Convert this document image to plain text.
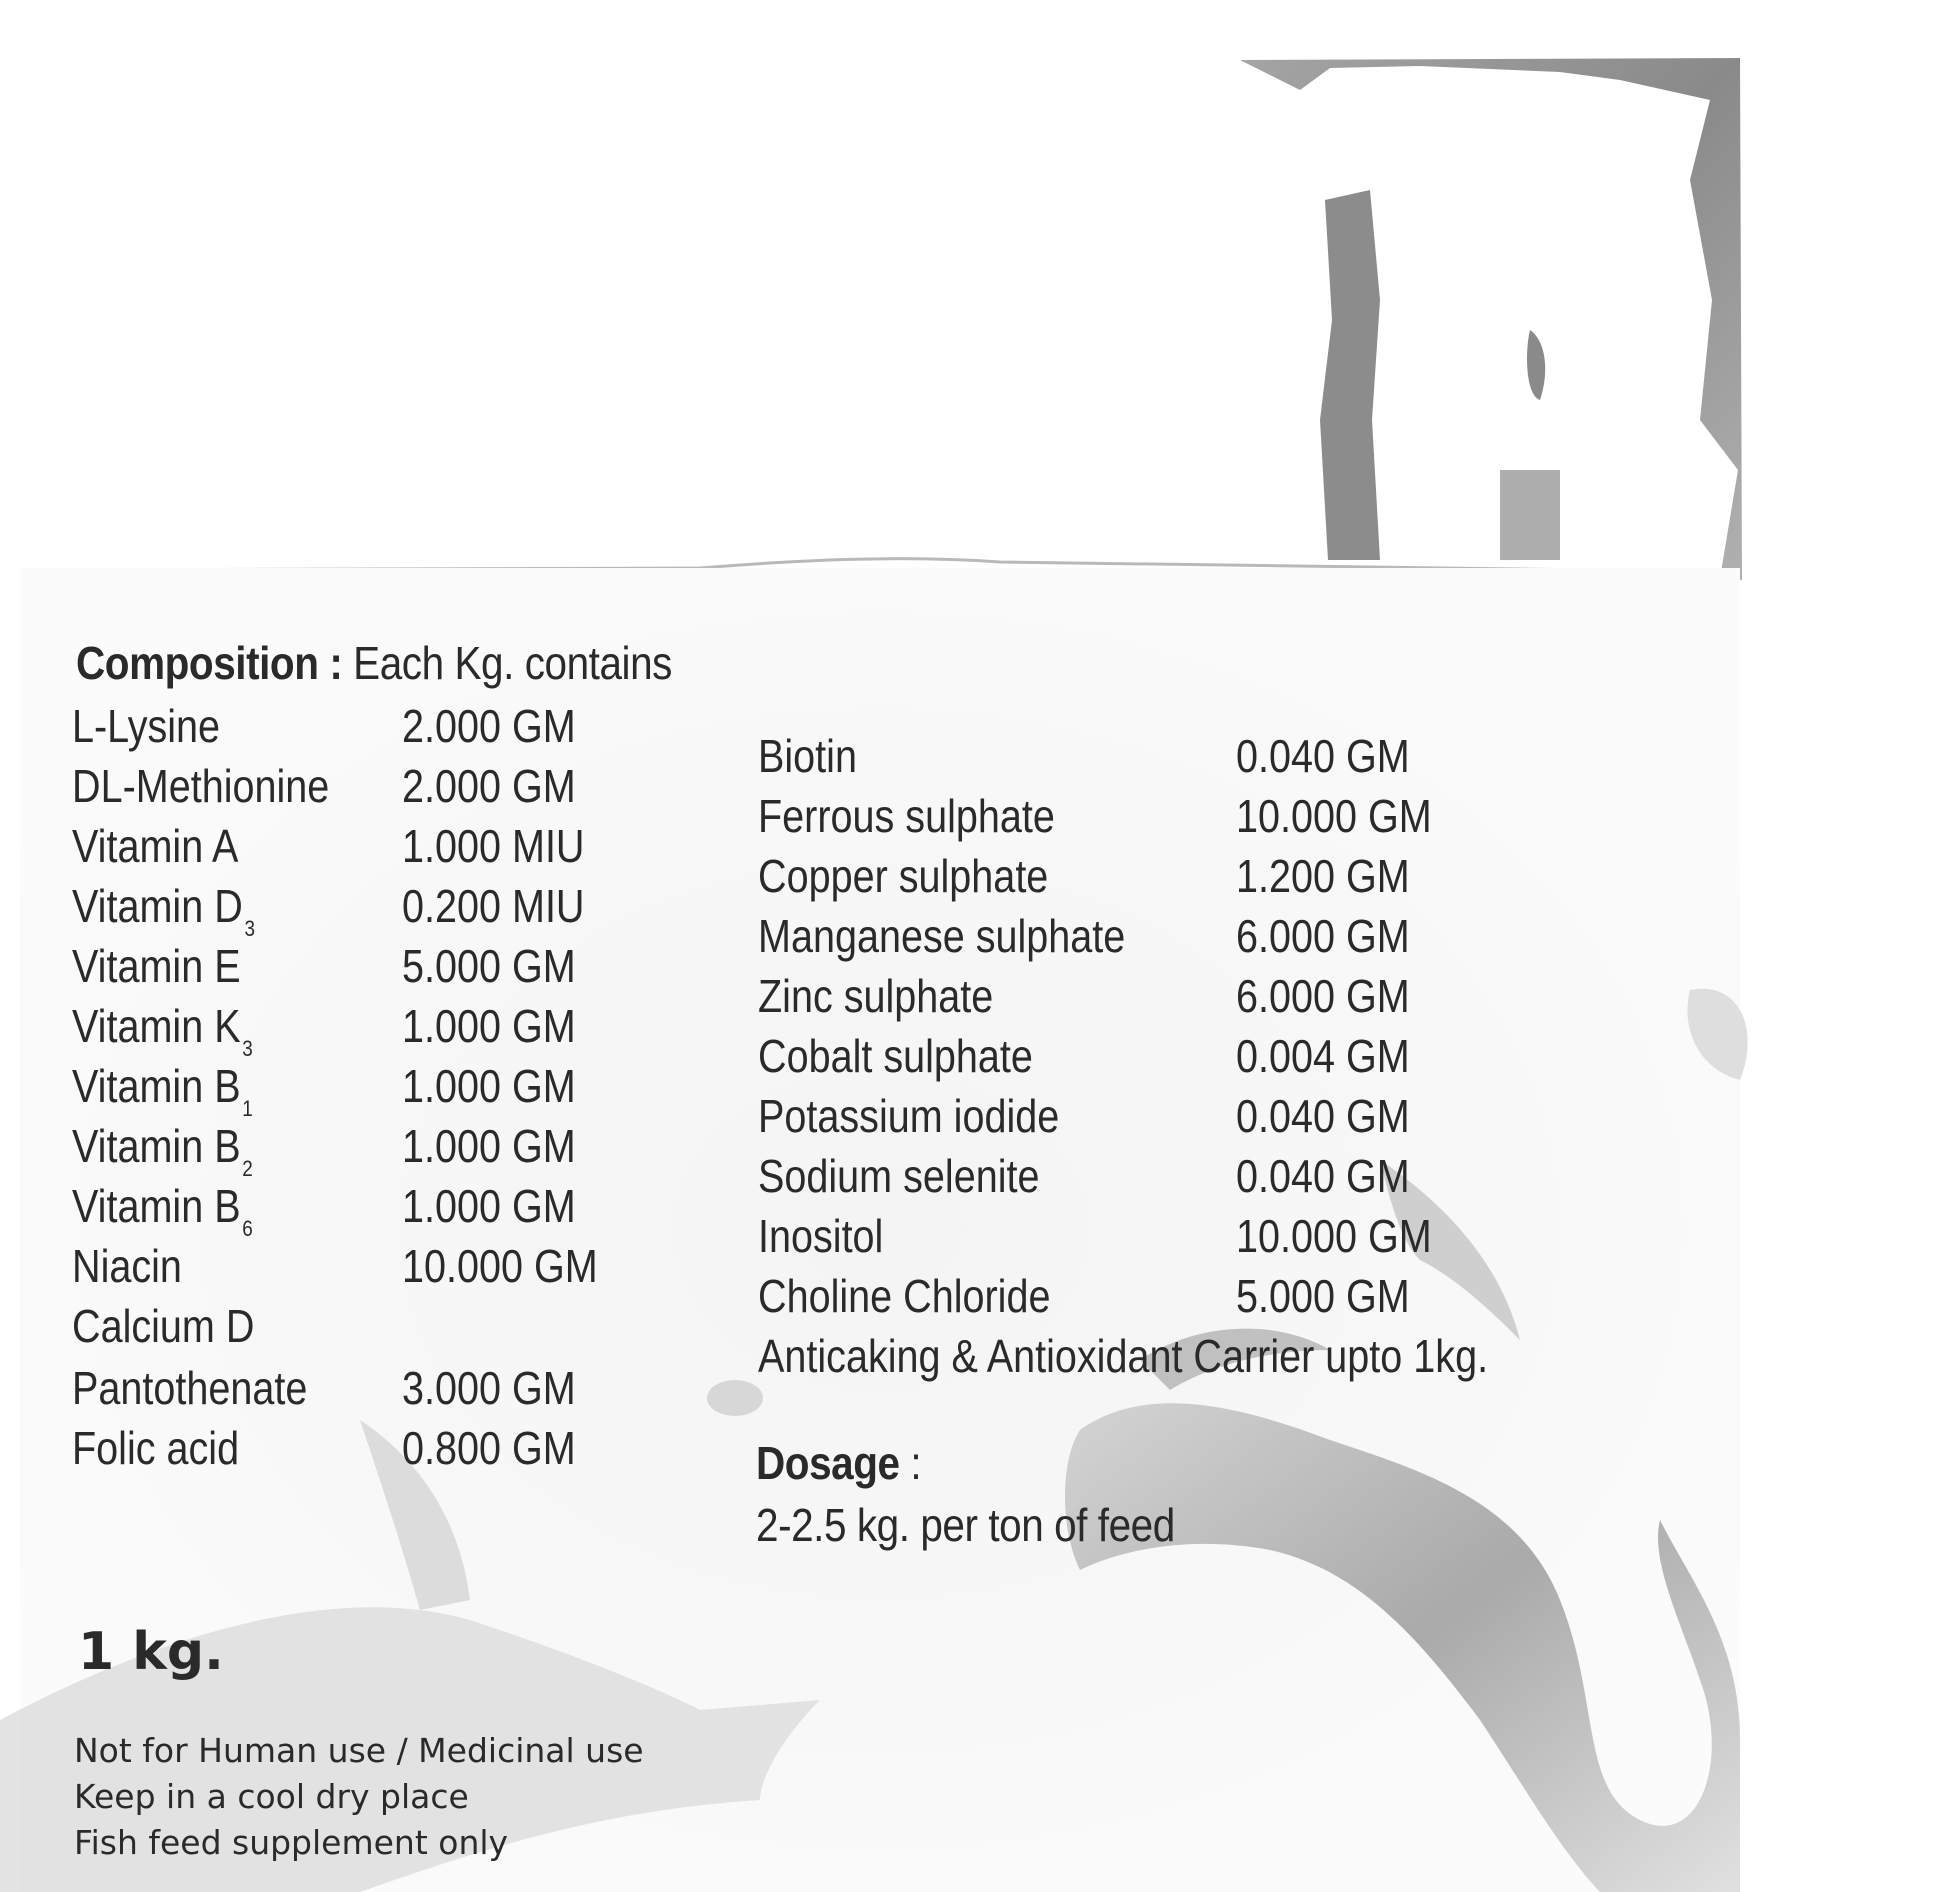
Composition : Each Kg. contains
L-Lysine	2.000 GM
DL-Methionine 2.000 GM
Vitamin A	1.000 MIU
Vitamin $D_3$	0.200 MIU
Vitamin E	5.000 GM
Vitamin $K_3$	1.000 GM
Vitamin $B_1$	1.000 GM
Vitamin $B_2$	1.000 GM
Vitamin $B_6$	1.000 GM
Niacin	10.000 GM
Calcium D
Pantothenate 3.000 GM
Folic acid	0.800 GM
Biotin	0.040 GM
Ferrous sulphate	10.000 GM
Copper sulphate	1.200 GM
Manganese sulphate 6.000 GM
Zinc sulphate	6.000 GM
Cobalt sulphate	0.004 GM
Potassium iodide	0.040 GM
Sodium selenite	0.040 GM
Inositol	10.000 GM
Choline Chloride	5.000 GM
Anticaking & Antioxidant Carrier upto 1kg.
Dosage :
2-2.5 kg. per ton of feed
1 kg.
Not for Human use / Medicinal use
Keep in a cool dry place
Fish feed supplement only
